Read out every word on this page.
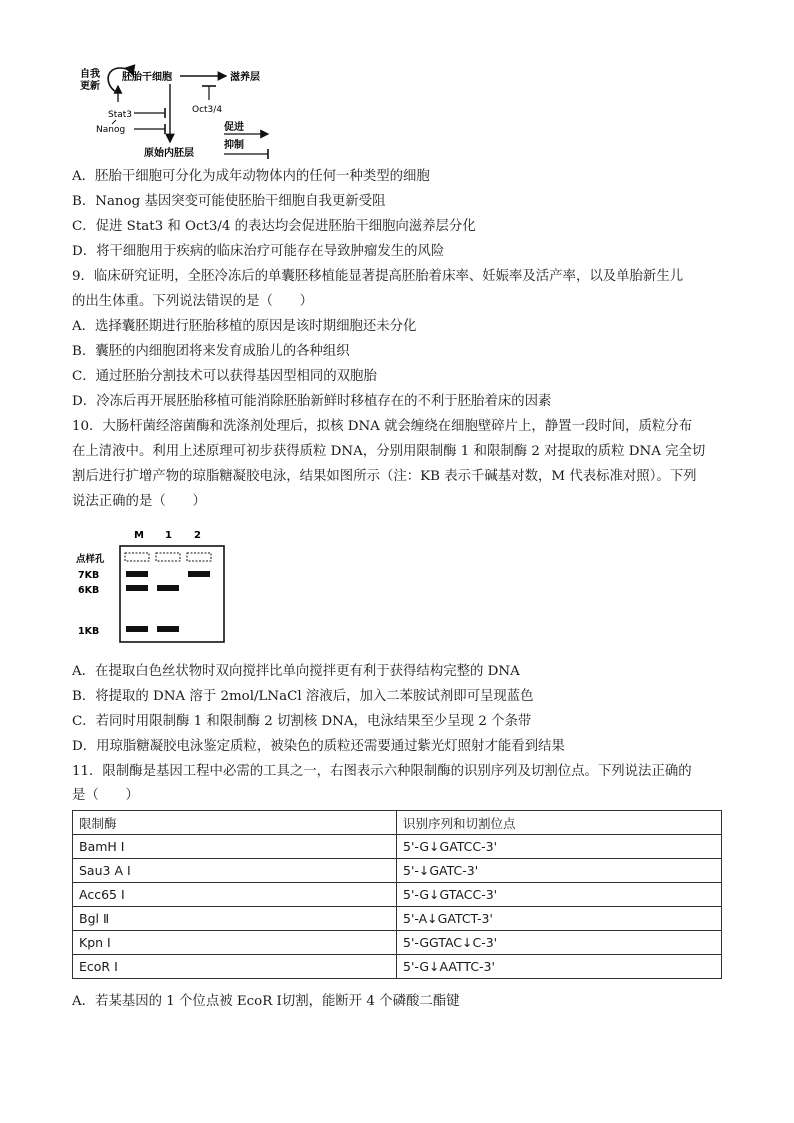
自我
更新
胚胎干细胞	滋养层
原始内胚层
Stat3
Nanog
Oct3/4
促进
抑制
A．胚胎干细胞可分化为成年动物体内的任何一种类型的细胞
B．Nanog 基因突变可能使胚胎干细胞自我更新受阻
C．促进 Stat3 和 Oct3/4 的表达均会促进胚胎干细胞向滋养层分化
D．将干细胞用于疾病的临床治疗可能存在导致肿瘤发生的风险
9．临床研究证明，全胚冷冻后的单囊胚移植能显著提高胚胎着床率、妊娠率及活产率，以及单胎新生儿
的出生体重。下列说法错误的是（　　）
A．选择囊胚期进行胚胎移植的原因是该时期细胞还未分化
B．囊胚的内细胞团将来发育成胎儿的各种组织
C．通过胚胎分割技术可以获得基因型相同的双胞胎
D．冷冻后再开展胚胎移植可能消除胚胎新鲜时移植存在的不利于胚胎着床的因素
10．大肠杆菌经溶菌酶和洗涤剂处理后，拟核 DNA 就会缠绕在细胞壁碎片上，静置一段时间，质粒分布
在上清液中。利用上述原理可初步获得质粒 DNA，分别用限制酶 1 和限制酶 2 对提取的质粒 DNA 完全切
割后进行扩增产物的琼脂糖凝胶电泳，结果如图所示（注：KB 表示千碱基对数，M 代表标准对照）。下列
说法正确的是（　　）
M 1 2
点样孔
7KB
6KB
1KB
A．在提取白色丝状物时双向搅拌比单向搅拌更有利于获得结构完整的 DNA
B．将提取的 DNA 溶于 2mol/LNaCl 溶液后，加入二苯胺试剂即可呈现蓝色
C．若同时用限制酶 1 和限制酶 2 切割核 DNA，电泳结果至少呈现 2 个条带
D．用琼脂糖凝胶电泳鉴定质粒，被染色的质粒还需要通过紫光灯照射才能看到结果
11．限制酶是基因工程中必需的工具之一，右图表示六种限制酶的识别序列及切割位点。下列说法正确的
是（　　）
限制酶	识别序列和切割位点
BamH Ⅰ	5'-G↓GATCC-3'
Sau3 A Ⅰ	5'-↓GATC-3'
Acc65 Ⅰ	5'-G↓GTACC-3'
Bgl Ⅱ	5'-A↓GATCT-3'
Kpn Ⅰ	5'-GGTAC↓C-3'
EcoR Ⅰ	5'-G↓AATTC-3'
A．若某基因的 1 个位点被 EcoR Ⅰ切割，能断开 4 个磷酸二酯键
